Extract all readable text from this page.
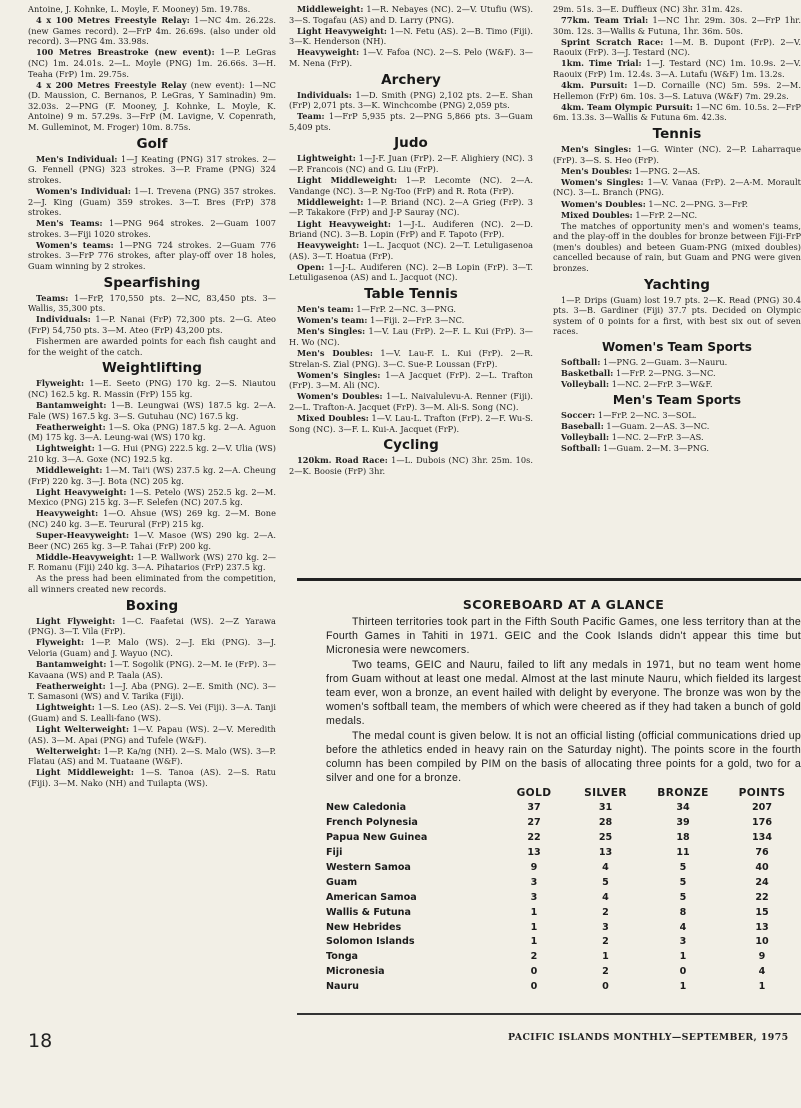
Antoine, J. Kohnke, L. Moyle, F. Mooney) 5m. 19.78s.

4 x 100 Metres Freestyle Relay: 1—NC 4m. 26.22s. (new Games record). 2—FrP 4m. 26.69s. (also under old record). 3—PNG 4m. 33.98s.

100 Metres Breastroke (new event): 1—P. LeGras (NC) 1m. 24.01s. 2—L. Moyle (PNG) 1m. 26.66s. 3—H. Teaha (FrP) 1m. 29.75s.

4 x 200 Metres Freestyle Relay (new event): 1—NC (D. Maussion, C. Bernanos, P. LeGras, Y Saminadin) 9m. 32.03s. 2—PNG (F. Mooney, J. Kohnke, L. Moyle, K. Antoine) 9 m. 57.29s. 3—FrP (M. Lavigne, V. Copenrath, M. Gulleminot, M. Froger) 10m. 8.75s.

Golf

Men's Individual: 1—J Keating (PNG) 317 strokes. 2—G. Fennell (PNG) 323 strokes. 3—P. Frame (PNG) 324 strokes.

Women's Individual: 1—I. Trevena (PNG) 357 strokes. 2—J. King (Guam) 359 strokes. 3—T. Bres (FrP) 378 strokes.

Men's Teams: 1—PNG 964 strokes. 2—Guam 1007 strokes. 3—Fiji 1020 strokes.

Women's teams: 1—PNG 724 strokes. 2—Guam 776 strokes. 3—FrP 776 strokes, after play-off over 18 holes, Guam winning by 2 strokes.

Spearfishing

Teams: 1—FrP, 170,550 pts. 2—NC, 83,450 pts. 3—Wallis, 35,300 pts.

Individuals: 1—P. Nanai (FrP) 72,300 pts. 2—G. Ateo (FrP) 54,750 pts. 3—M. Ateo (FrP) 43,200 pts.

Fishermen are awarded points for each fish caught and for the weight of the catch.

Weightlifting

Flyweight: 1—E. Seeto (PNG) 170 kg. 2—S. Niautou (NC) 162.5 kg. R. Massin (FrP) 155 kg.

Bantamweight: 1—B. Leungwai (WS) 187.5 kg. 2—A. Fale (WS) 167.5 kg. 3—S. Gutuhau (NC) 167.5 kg.

Featherweight: 1—S. Oka (PNG) 187.5 kg. 2—A. Aguon (M) 175 kg. 3—A. Leung-wai (WS) 170 kg.

Lightweight: 1—G. Hui (PNG) 222.5 kg. 2—V. Ulia (WS) 210 kg. 3—A. Goxe (NC) 192.5 kg.

Middleweight: 1—M. Tai'i (WS) 237.5 kg. 2—A. Cheung (FrP) 220 kg. 3—J. Bota (NC) 205 kg.

Light Heavyweight: 1—S. Petelo (WS) 252.5 kg. 2—M. Mexico (PNG) 215 kg. 3—F. Selefen (NC) 207.5 kg.

Heavyweight: 1—O. Ahsue (WS) 269 kg. 2—M. Bone (NC) 240 kg. 3—E. Teurural (FrP) 215 kg.

Super-Heavyweight: 1—V. Masoe (WS) 290 kg. 2—A. Beer (NC) 265 kg. 3—P. Tahai (FrP) 200 kg.

Middle-Heavyweight: 1—P. Wallwork (WS) 270 kg. 2—F. Romanu (Fiji) 240 kg. 3—A. Pihatarios (FrP) 237.5 kg.

As the press had been eliminated from the competition, all winners created new records.

Boxing

Light Flyweight: 1—C. Faafetai (WS). 2—Z Yarawa (PNG). 3—T. Vila (FrP).

Flyweight: 1—P. Malo (WS). 2—J. Eki (PNG). 3—J. Veloria (Guam) and J. Wayuo (NC).

Bantamweight: 1—T. Sogolik (PNG). 2—M. Ie (FrP). 3—Kavaana (WS) and P. Taala (AS).

Featherweight: 1—J. Aba (PNG). 2—E. Smith (NC). 3—T. Samasoni (WS) and V. Tarika (Fiji).

Lightweight: 1—S. Leo (AS). 2—S. Vei (Fiji). 3—A. Tanji (Guam) and S. Lealli-fano (WS).

Light Welterweight: 1—V. Papau (WS). 2—V. Meredith (AS). 3—M. Apai (PNG) and Tufele (W&F).

Welterweight: 1—P. Ka/ng (NH). 2—S. Malo (WS). 3—P. Flatau (AS) and M. Tuataane (W&F).

Light Middleweight: 1—S. Tanoa (AS). 2—S. Ratu (Fiji). 3—M. Nako (NH) and Tuilapta (WS).

Middleweight: 1—R. Nebayes (NC). 2—V. Utufiu (WS). 3—S. Togafau (AS) and D. Larry (PNG).

Light Heavyweight: 1—N. Fetu (AS). 2—B. Timo (Fiji). 3—K. Henderson (NH).

Heavyweight: 1—V. Fafoa (NC). 2—S. Pelo (W&F). 3—M. Nena (FrP).

Archery

Individuals: 1—D. Smith (PNG) 2,102 pts. 2—E. Shan (FrP) 2,071 pts. 3—K. Winchcombe (PNG) 2,059 pts.

Team: 1—FrP 5,935 pts. 2—PNG 5,866 pts. 3—Guam 5,409 pts.

Judo

Lightweight: 1—J-F. Juan (FrP). 2—F. Alighiery (NC). 3—P. Francois (NC) and G. Liu (FrP).

Light Middleweight: 1—P. Lecomte (NC). 2—A. Vandange (NC). 3—P. Ng-Too (FrP) and R. Rota (FrP).

Middleweight: 1—P. Briand (NC). 2—A Grieg (FrP). 3—P. Takakore (FrP) and J-P Sauray (NC).

Light Heavyweight: 1—J-L. Audiferen (NC). 2—D. Briand (NC). 3—B. Lopin (FrP) and F. Tapoto (FrP).

Heavyweight: 1—L. Jacquot (NC). 2—T. Letuligasenoa (AS). 3—T. Hoatua (FrP).

Open: 1—J-L. Audiferen (NC). 2—B Lopin (FrP). 3—T. Letuligasenoa (AS) and L. Jacquot (NC).

Table Tennis

Men's team: 1—FrP. 2—NC. 3—PNG.

Women's team: 1—Fiji. 2—FrP. 3—NC.

Men's Singles: 1—V. Lau (FrP). 2—F. L. Kui (FrP). 3—H. Wo (NC).

Men's Doubles: 1—V. Lau-F. L. Kui (FrP). 2—R. Strelan-S. Zial (PNG). 3—C. Sue-P. Loussan (FrP).

Women's Singles: 1—A Jacquet (FrP). 2—L. Trafton (FrP). 3—M. Ali (NC).

Women's Doubles: 1—L. Naivalulevu-A. Renner (Fiji). 2—L. Trafton-A. Jacquet (FrP). 3—M. Ali-S. Song (NC).

Mixed Doubles: 1—V. Lau-L. Trafton (FrP). 2—F. Wu-S. Song (NC). 3—F. L. Kui-A. Jacquet (FrP).

Cycling

120km. Road Race: 1—L. Dubois (NC) 3hr. 25m. 10s. 2—K. Boosie (FrP) 3hr.

29m. 51s. 3—E. Duffieux (NC) 3hr. 31m. 42s.

77km. Team Trial: 1—NC 1hr. 29m. 30s. 2—FrP 1hr. 30m. 12s. 3—Wallis & Futuna, 1hr. 36m. 50s.

Sprint Scratch Race: 1—M. B. Dupont (FrP). 2—V. Raouix (FrP). 3—J. Testard (NC).

1km. Time Trial: 1—J. Testard (NC) 1m. 10.9s. 2—V. Raouix (FrP) 1m. 12.4s. 3—A. Lutafu (W&F) 1m. 13.2s.

4km. Pursuit: 1—D. Cornaille (NC) 5m. 59s. 2—M. Hellemon (FrP) 6m. 10s. 3—S. Latuva (W&F) 7m. 29.2s.

4km. Team Olympic Pursuit: 1—NC 6m. 10.5s. 2—FrP 6m. 13.3s. 3—Wallis & Futuna 6m. 42.3s.

Tennis

Men's Singles: 1—G. Winter (NC). 2—P. Laharraque (FrP). 3—S. S. Heo (FrP).

Men's Doubles: 1—PNG. 2—AS.

Women's Singles: 1—V. Vanaa (FrP). 2—A-M. Morault (NC). 3—L. Branch (PNG).

Women's Doubles: 1—NC. 2—PNG. 3—FrP.

Mixed Doubles: 1—FrP. 2—NC.

The matches of opportunity men's and women's teams, and the play-off in the doubles for bronze between Fiji-FrP (men's doubles) and beteen Guam-PNG (mixed doubles) cancelled because of rain, but Guam and PNG were given bronzes.

Yachting

1—P. Drips (Guam) lost 19.7 pts. 2—K. Read (PNG) 30.4 pts. 3—B. Gardiner (Fiji) 37.7 pts. Decided on Olympic system of 0 points for a first, with best six out of seven races.

Women's Team Sports

Softball: 1—PNG. 2—Guam. 3—Nauru.

Basketball: 1—FrP. 2—PNG. 3—NC.

Volleyball: 1—NC. 2—FrP. 3—W&F.

Men's Team Sports

Soccer: 1—FrP. 2—NC. 3—SOL.

Baseball: 1—Guam. 2—AS. 3—NC.

Volleyball: 1—NC. 2—FrP. 3—AS.

Softball: 1—Guam. 2—M. 3—PNG.

SCOREBOARD AT A GLANCE

Thirteen territories took part in the Fifth South Pacific Games, one less territory than at the Fourth Games in Tahiti in 1971. GEIC and the Cook Islands didn't appear this time but Micronesia were newcomers.

Two teams, GEIC and Nauru, failed to lift any medals in 1971, but no team went home from Guam without at least one medal. Almost at the last minute Nauru, which fielded its largest team ever, won a bronze, an event hailed with delight by everyone. The bronze was won by the women's softball team, the members of which were cheered as if they had taken a bunch of gold medals.

The medal count is given below. It is not an official listing (official communications dried up before the athletics ended in heavy rain on the Saturday night). The points score in the fourth column has been compiled by PIM on the basis of allocating three points for a gold, two for a silver and one for a bronze.

	GOLD	SILVER	BRONZE	POINTS
New Caledonia	37	31	34	207
French Polynesia	27	28	39	176
Papua New Guinea	22	25	18	134
Fiji	13	13	11	76
Western Samoa	9	4	5	40
Guam	3	5	5	24
American Samoa	3	4	5	22
Wallis & Futuna	1	2	8	15
New Hebrides	1	3	4	13
Solomon Islands	1	2	3	10
Tonga	2	1	1	9
Micronesia	0	2	0	4
Nauru	0	0	1	1
18	PACIFIC ISLANDS MONTHLY—SEPTEMBER, 1975
